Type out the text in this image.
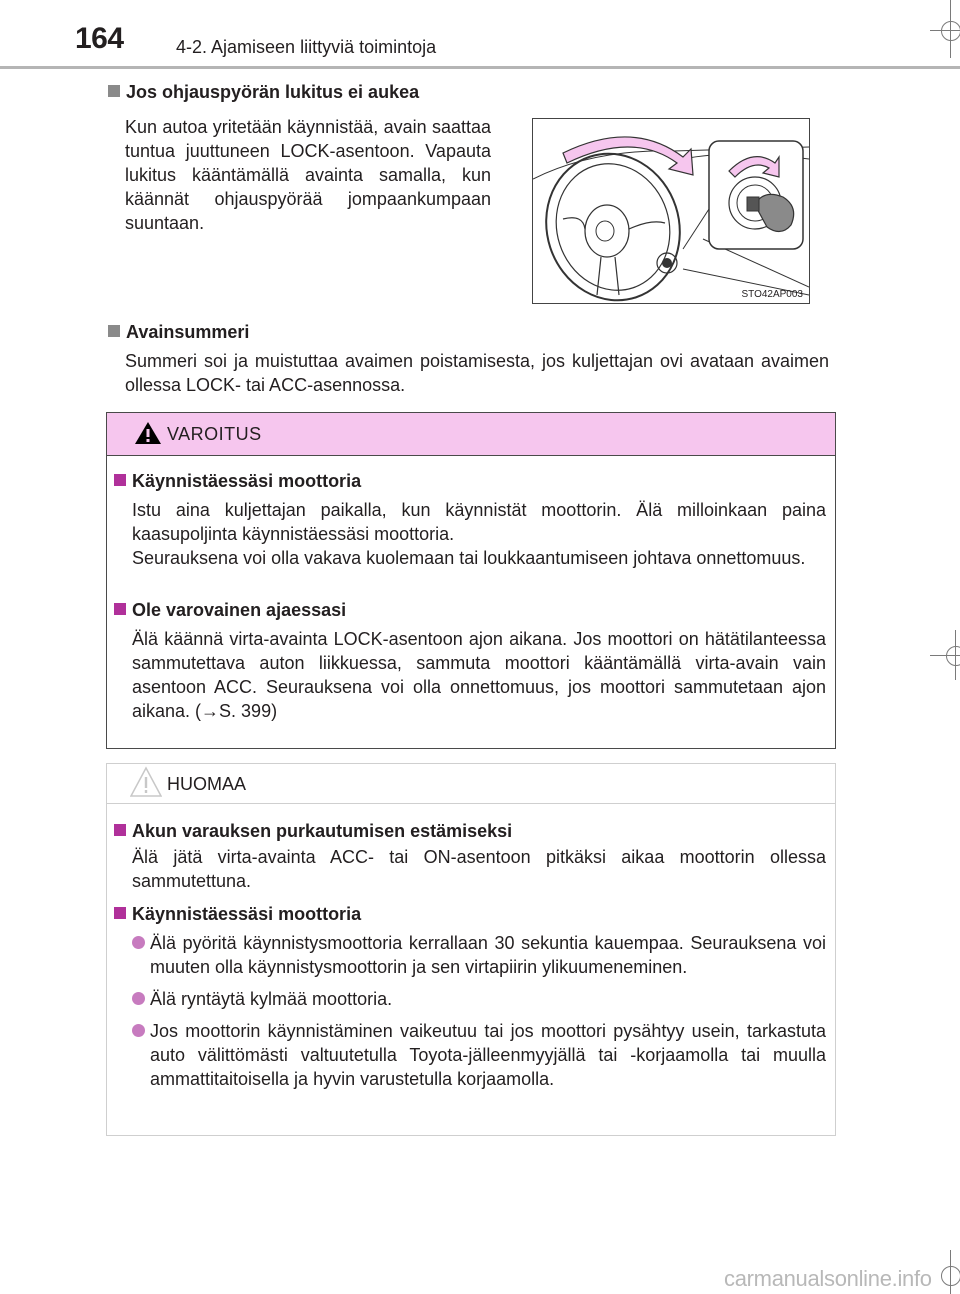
164	4-2. Ajamiseen liittyviä toimintoja
Jos ohjauspyörän lukitus ei aukea
Kun autoa yritetään käynnistää, avain saattaa tuntua juuttuneen LOCK-asentoon. Vapauta lukitus kääntämällä avainta samalla, kun käännät ohjauspyörää jompaankumpaan suuntaan.
STO42AP003
Avainsummeri
Summeri soi ja muistuttaa avaimen poistamisesta, jos kuljettajan ovi avataan avaimen ollessa LOCK- tai ACC-asennossa.
VAROITUS
Käynnistäessäsi moottoria
Istu aina kuljettajan paikalla, kun käynnistät moottorin. Älä milloinkaan paina kaasupoljinta käynnistäessäsi moottoria.
Seurauksena voi olla vakava kuolemaan tai loukkaantumiseen johtava onnettomuus.
Ole varovainen ajaessasi
Älä käännä virta-avainta LOCK-asentoon ajon aikana. Jos moottori on hätätilanteessa sammutettava auton liikkuessa, sammuta moottori kääntämällä virta-avain vain asentoon ACC. Seurauksena voi olla onnettomuus, jos moottori sammutetaan ajon aikana. (→S. 399)
HUOMAA
Akun varauksen purkautumisen estämiseksi
Älä jätä virta-avainta ACC- tai ON-asentoon pitkäksi aikaa moottorin ollessa sammutettuna.
Käynnistäessäsi moottoria
Älä pyöritä käynnistysmoottoria kerrallaan 30 sekuntia kauempaa. Seurauksena voi muuten olla käynnistysmoottorin ja sen virtapiirin ylikuumeneminen.
Älä ryntäytä kylmää moottoria.
Jos moottorin käynnistäminen vaikeutuu tai jos moottori pysähtyy usein, tarkastuta auto välittömästi valtuutetulla Toyota-jälleenmyyjällä tai -korjaamolla tai muulla ammattitaitoisella ja hyvin varustetulla korjaamolla.
carmanualsonline.info
